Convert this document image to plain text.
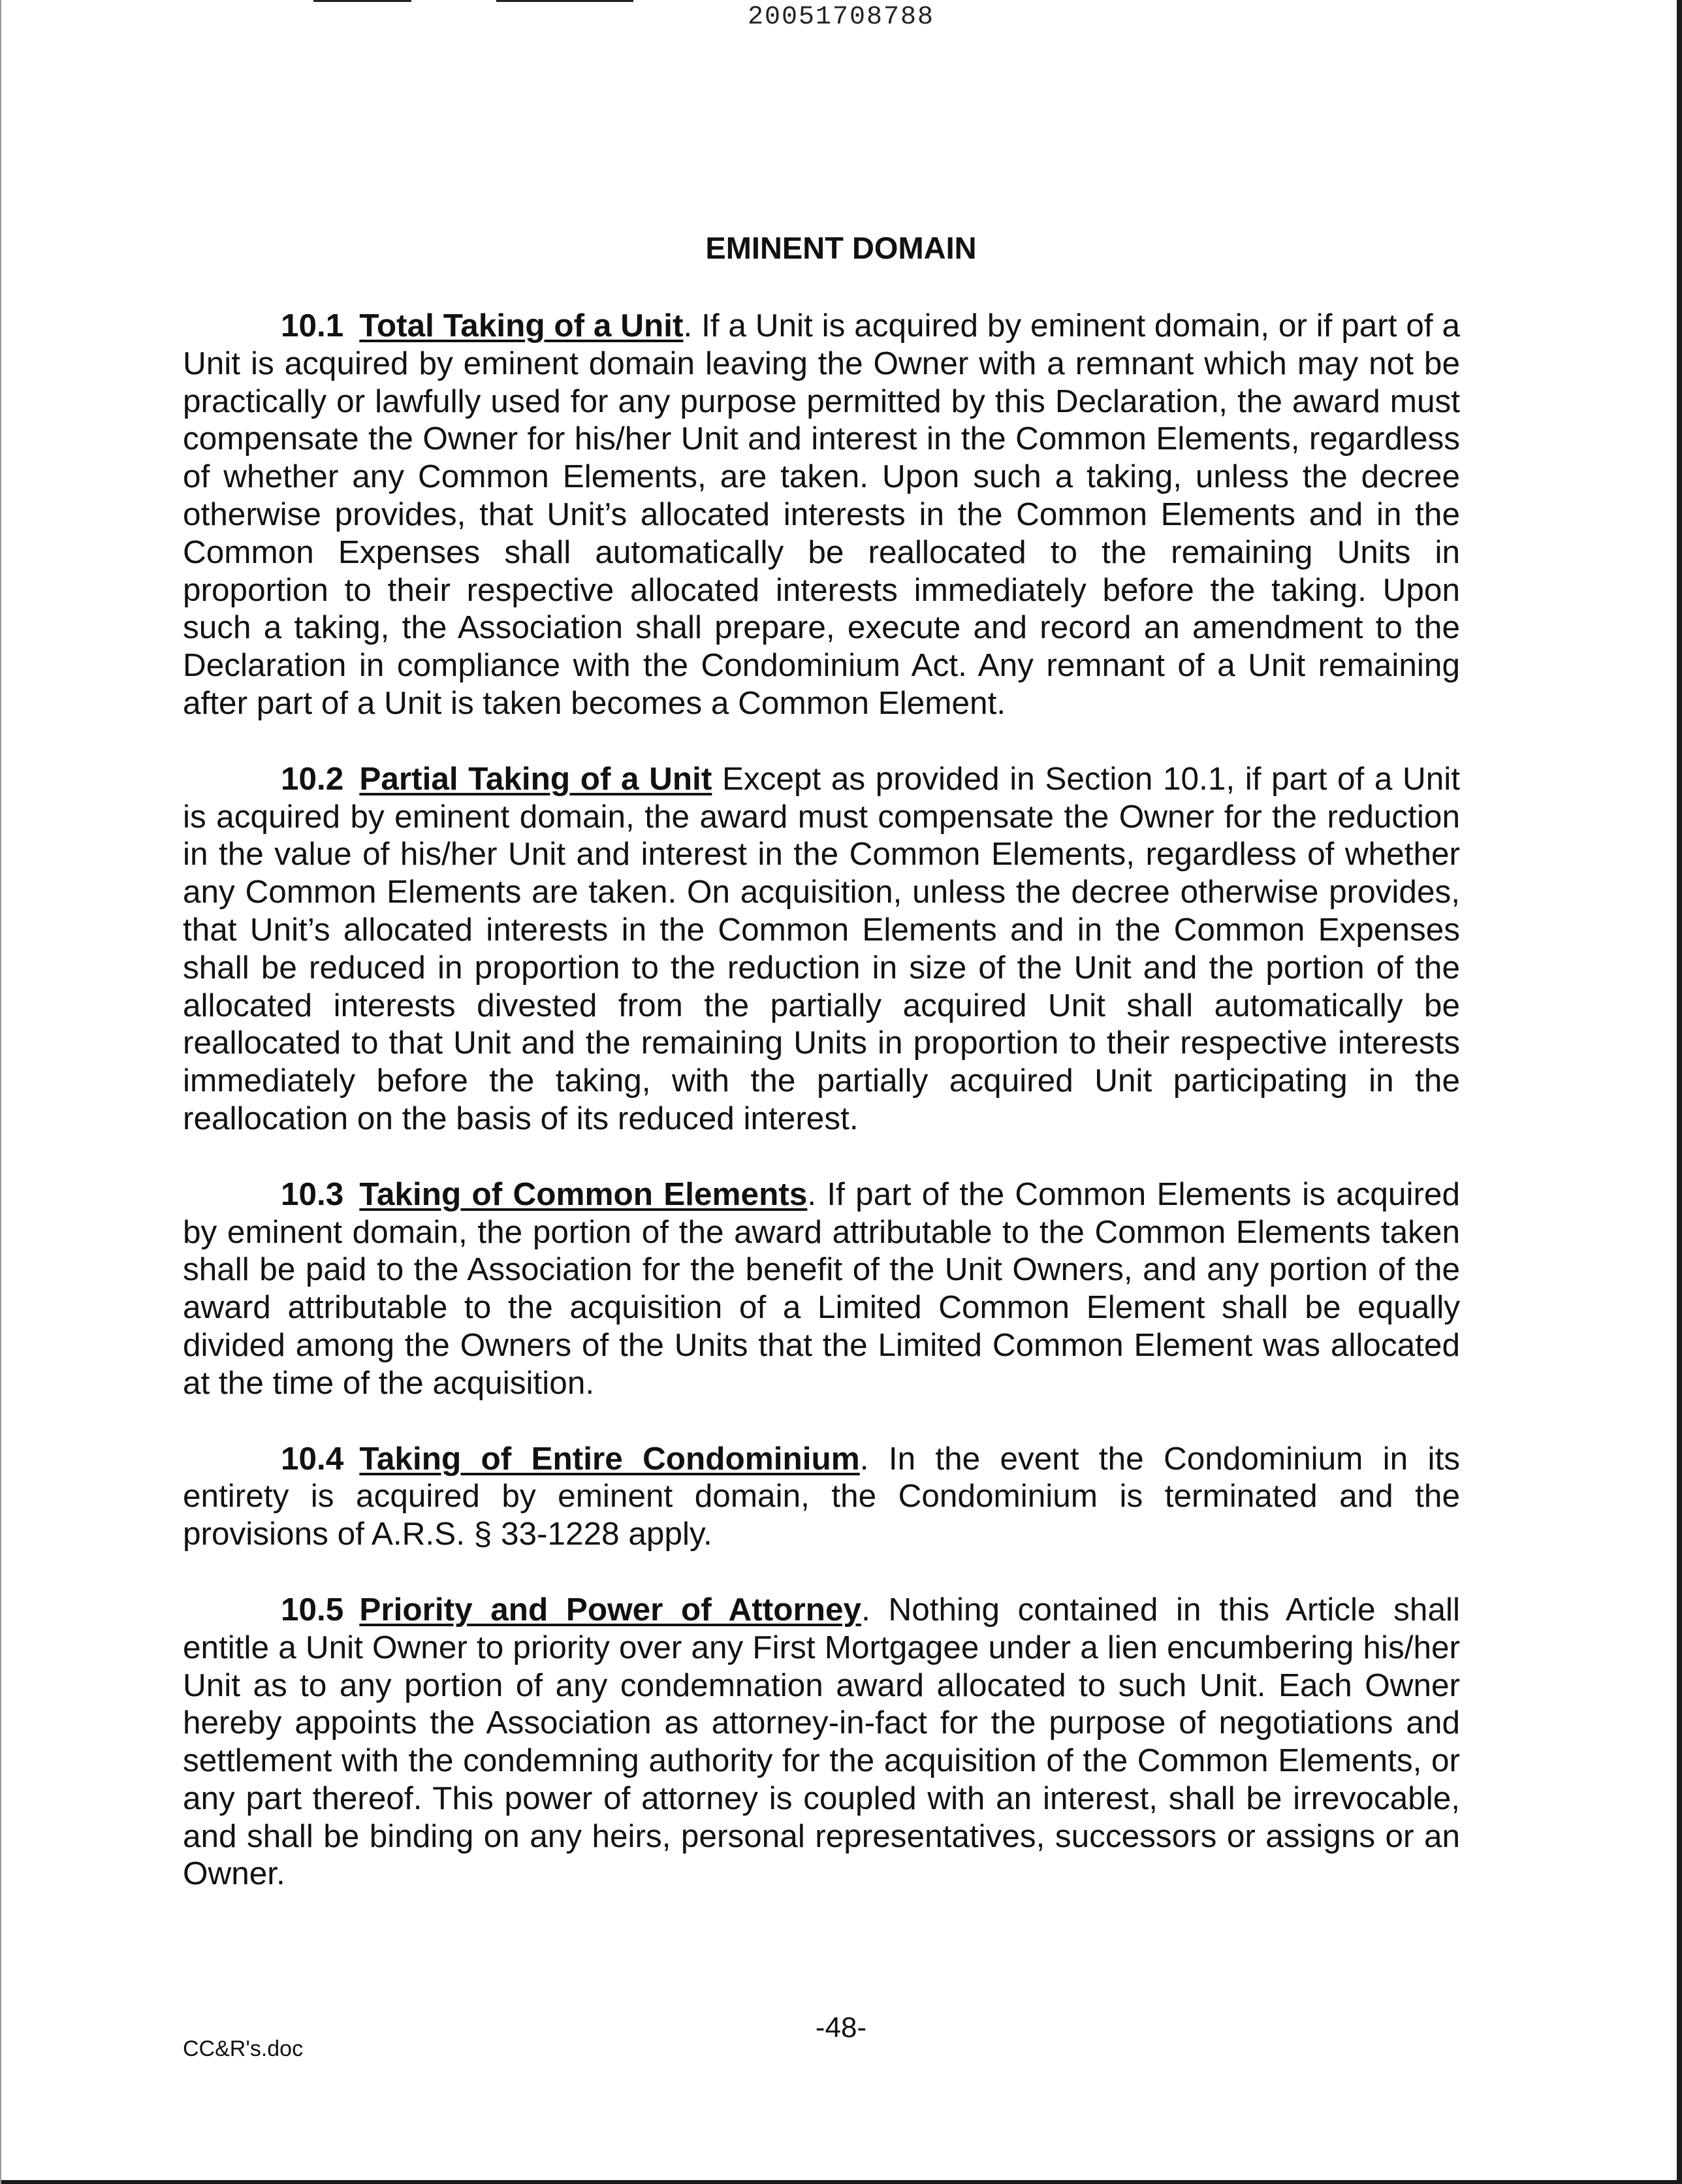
20051708788
EMINENT DOMAIN

10.1 Total Taking of a Unit. If a Unit is acquired by eminent domain, or if part of a Unit is acquired by eminent domain leaving the Owner with a remnant which may not be practically or lawfully used for any purpose permitted by this Declaration, the award must compensate the Owner for his/her Unit and interest in the Common Elements, regardless of whether any Common Elements, are taken. Upon such a taking, unless the decree otherwise provides, that Unit’s allocated interests in the Common Elements and in the Common Expenses shall automatically be reallocated to the remaining Units in proportion to their respective allocated interests immediately before the taking. Upon such a taking, the Association shall prepare, execute and record an amendment to the Declaration in compliance with the Condominium Act. Any remnant of a Unit remaining after part of a Unit is taken becomes a Common Element.

10.2 Partial Taking of a Unit Except as provided in Section 10.1, if part of a Unit is acquired by eminent domain, the award must compensate the Owner for the reduction in the value of his/her Unit and interest in the Common Elements, regardless of whether any Common Elements are taken. On acquisition, unless the decree otherwise provides, that Unit’s allocated interests in the Common Elements and in the Common Expenses shall be reduced in proportion to the reduction in size of the Unit and the portion of the allocated interests divested from the partially acquired Unit shall automatically be reallocated to that Unit and the remaining Units in proportion to their respective interests immediately before the taking, with the partially acquired Unit participating in the reallocation on the basis of its reduced interest.

10.3 Taking of Common Elements. If part of the Common Elements is acquired by eminent domain, the portion of the award attributable to the Common Elements taken shall be paid to the Association for the benefit of the Unit Owners, and any portion of the award attributable to the acquisition of a Limited Common Element shall be equally divided among the Owners of the Units that the Limited Common Element was allocated at the time of the acquisition.

10.4 Taking of Entire Condominium. In the event the Condominium in its entirety is acquired by eminent domain, the Condominium is terminated and the provisions of A.R.S. § 33-1228 apply.

10.5 Priority and Power of Attorney. Nothing contained in this Article shall entitle a Unit Owner to priority over any First Mortgagee under a lien encumbering his/her Unit as to any portion of any condemnation award allocated to such Unit. Each Owner hereby appoints the Association as attorney-in-fact for the purpose of negotiations and settlement with the condemning authority for the acquisition of the Common Elements, or any part thereof. This power of attorney is coupled with an interest, shall be irrevocable, and shall be binding on any heirs, personal representatives, successors or assigns or an Owner.

-48-
CC&R's.doc
